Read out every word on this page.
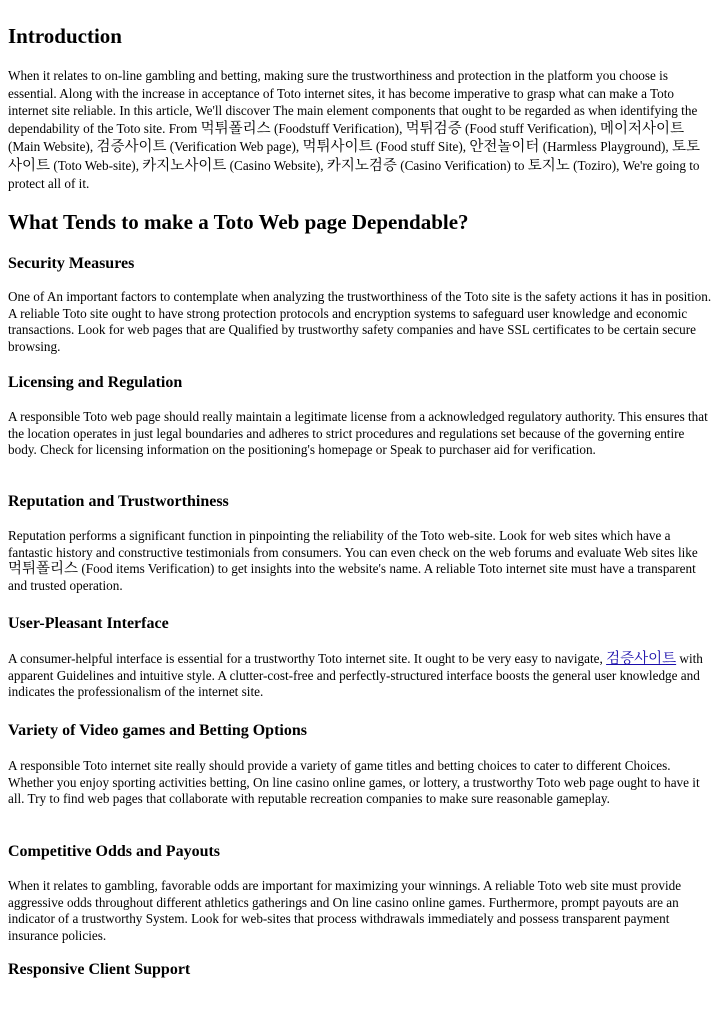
Introduction

When it relates to on-line gambling and betting, making sure the trustworthiness and protection in the platform you choose is essential. Along with the increase in acceptance of Toto internet sites, it has become imperative to grasp what can make a Toto internet site reliable. In this article, We'll discover The main element components that ought to be regarded as when identifying the dependability of the Toto site. From 먹튀폴리스 (Foodstuff Verification), 먹튀검증 (Food stuff Verification), 메이저사이트 (Main Website), 검증사이트 (Verification Web page), 먹튀사이트 (Food stuff Site), 안전놀이터 (Harmless Playground), 토토사이트 (Toto Web-site), 카지노사이트 (Casino Website), 카지노검증 (Casino Verification) to 토지노 (Toziro), We're going to protect all of it.

What Tends to make a Toto Web page Dependable?
Security Measures

One of An important factors to contemplate when analyzing the trustworthiness of the Toto site is the safety actions it has in position. A reliable Toto site ought to have strong protection protocols and encryption systems to safeguard user knowledge and economic transactions. Look for web pages that are Qualified by trustworthy safety companies and have SSL certificates to be certain secure browsing.

Licensing and Regulation

A responsible Toto web page should really maintain a legitimate license from a acknowledged regulatory authority. This ensures that the location operates in just legal boundaries and adheres to strict procedures and regulations set because of the governing entire body. Check for licensing information on the positioning's homepage or Speak to purchaser aid for verification.

Reputation and Trustworthiness

Reputation performs a significant function in pinpointing the reliability of the Toto web-site. Look for web sites which have a fantastic history and constructive testimonials from consumers. You can even check on the web forums and evaluate Web sites like 먹튀폴리스 (Food items Verification) to get insights into the website's name. A reliable Toto internet site must have a transparent and trusted operation.

User-Pleasant Interface

A consumer-helpful interface is essential for a trustworthy Toto internet site. It ought to be very easy to navigate, 검증사이트 with apparent Guidelines and intuitive style. A clutter-cost-free and perfectly-structured interface boosts the general user knowledge and indicates the professionalism of the internet site.

Variety of Video games and Betting Options

A responsible Toto internet site really should provide a variety of game titles and betting choices to cater to different Choices. Whether you enjoy sporting activities betting, On line casino online games, or lottery, a trustworthy Toto web page ought to have it all. Try to find web pages that collaborate with reputable recreation companies to make sure reasonable gameplay.

Competitive Odds and Payouts

When it relates to gambling, favorable odds are important for maximizing your winnings. A reliable Toto web site must provide aggressive odds throughout different athletics gatherings and On line casino online games. Furthermore, prompt payouts are an indicator of a trustworthy System. Look for web-sites that process withdrawals immediately and possess transparent payment insurance policies.

Responsive Client Support
